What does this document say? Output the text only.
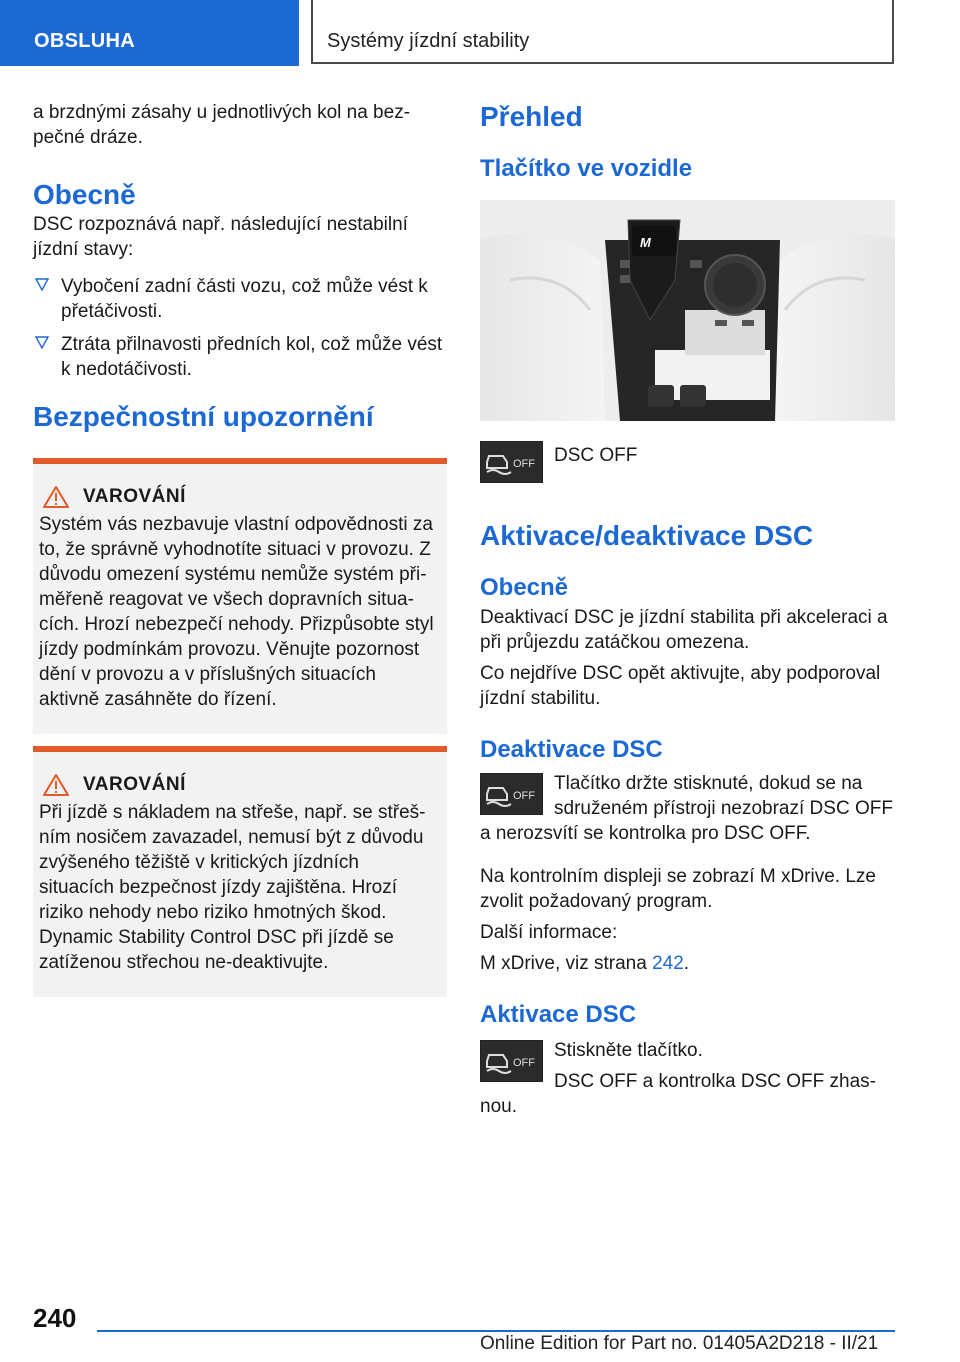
OBSLUHA	Systémy jízdní stability

a brzdnými zásahy u jednotlivých kol na bez-pečné dráze.

Obecně

DSC rozpoznává např. následující nestabilní jízdní stavy:

Vybočení zadní části vozu, což může vést k přetáčivosti.
Ztráta přilnavosti předních kol, což může vést k nedotáčivosti.
Bezpečnostní upozornění
VAROVÁNÍ

Systém vás nezbavuje vlastní odpovědnosti za to, že správně vyhodnotíte situaci v provozu. Z důvodu omezení systému nemůže systém při-měřeně reagovat ve všech dopravních situa-cích. Hrozí nebezpečí nehody. Přizpůsobte styl jízdy podmínkám provozu. Věnujte pozornost dění v provozu a v příslušných situacích aktivně zasáhněte do řízení.

VAROVÁNÍ

Při jízdě s nákladem na střeše, např. se střeš-ním nosičem zavazadel, nemusí být z důvodu zvýšeného těžiště v kritických jízdních situacích bezpečnost jízdy zajištěna. Hrozí riziko nehody nebo riziko hmotných škod. Dynamic Stability Control DSC při jízdě se zatíženou střechou ne-deaktivujte.

Přehled
Tlačítko ve vozidle
M
OFF DSC OFF
Aktivace/deaktivace DSC
Obecně

Deaktivací DSC je jízdní stabilita při akceleraci a při průjezdu zatáčkou omezena.

Co nejdříve DSC opět aktivujte, aby podporoval jízdní stabilitu.

Deaktivace DSC
OFF
Tlačítko držte stisknuté, dokud se na sdruženém přístroji nezobrazí DSC OFF a nerozsvítí se kontrolka pro DSC OFF.

Na kontrolním displeji se zobrazí M xDrive. Lze zvolit požadovaný program.

Další informace:

M xDrive, viz strana 242.

Aktivace DSC
OFF
Stiskněte tlačítko.
DSC OFF a kontrolka DSC OFF zhas-nou.
240
Online Edition for Part no. 01405A2D218 - II/21
